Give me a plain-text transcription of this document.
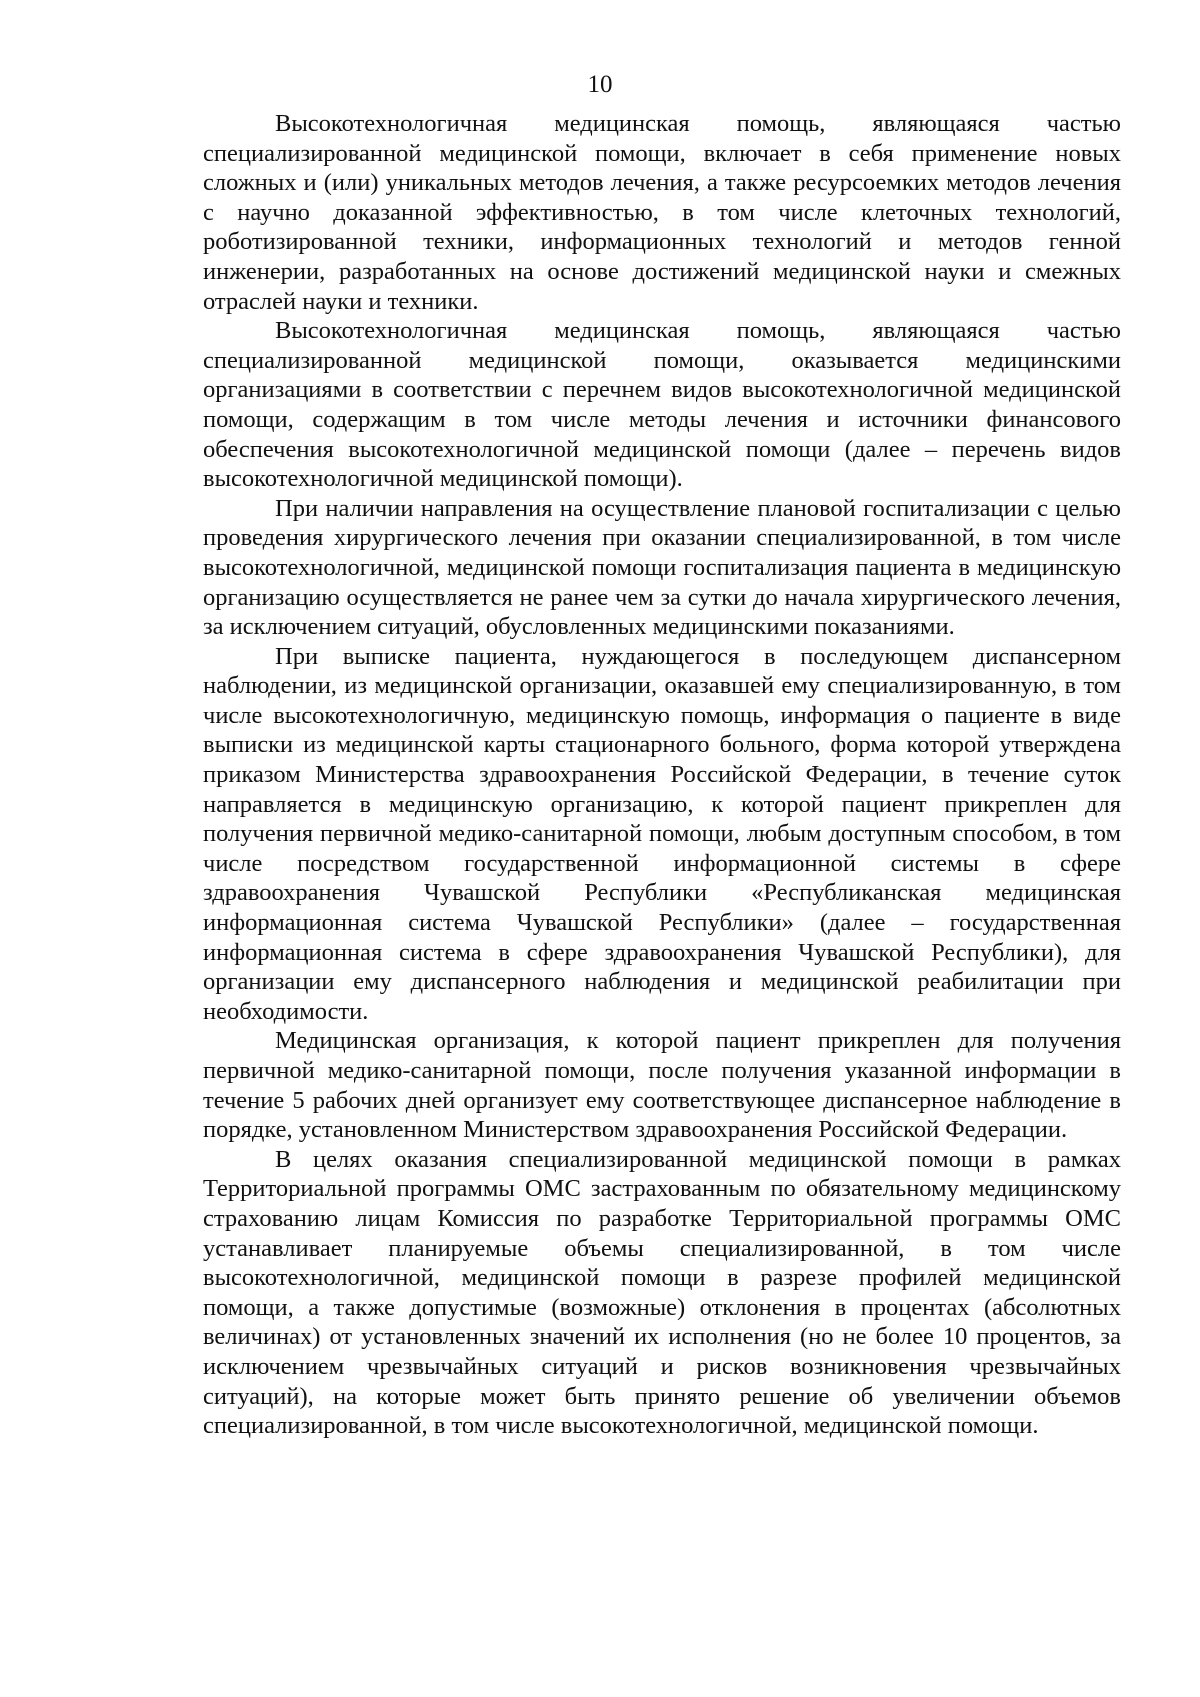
10

Высокотехнологичная медицинская помощь, являющаяся частью специализированной медицинской помощи, включает в себя применение новых сложных и (или) уникальных методов лечения, а также ресурсоемких методов лечения с научно доказанной эффективностью, в том числе клеточных технологий, роботизированной техники, информационных технологий и методов генной инженерии, разработанных на основе достижений медицинской науки и смежных отраслей науки и техники.

Высокотехнологичная медицинская помощь, являющаяся частью специализированной медицинской помощи, оказывается медицинскими организациями в соответствии с перечнем видов высокотехнологичной медицинской помощи, содержащим в том числе методы лечения и источники финансового обеспечения высокотехнологичной медицинской помощи (далее – перечень видов высокотехнологичной медицинской помощи).

При наличии направления на осуществление плановой госпитализации с целью проведения хирургического лечения при оказании специализированной, в том числе высокотехнологичной, медицинской помощи госпитализация пациента в медицинскую организацию осуществляется не ранее чем за сутки до начала хирургического лечения, за исключением ситуаций, обусловленных медицинскими показаниями.

При выписке пациента, нуждающегося в последующем диспансерном наблюдении, из медицинской организации, оказавшей ему специализированную, в том числе высокотехнологичную, медицинскую помощь, информация о пациенте в виде выписки из медицинской карты стационарного больного, форма которой утверждена приказом Министерства здравоохранения Российской Федерации, в течение суток направляется в медицинскую организацию, к которой пациент прикреплен для получения первичной медико-санитарной помощи, любым доступным способом, в том числе посредством государственной информационной системы в сфере здравоохранения Чувашской Республики «Республиканская медицинская информационная система Чувашской Республики» (далее – государственная информационная система в сфере здравоохранения Чувашской Республики), для организации ему диспансерного наблюдения и медицинской реабилитации при необходимости.

Медицинская организация, к которой пациент прикреплен для получения первичной медико-санитарной помощи, после получения указанной информации в течение 5 рабочих дней организует ему соответствующее диспансерное наблюдение в порядке, установленном Министерством здравоохранения Российской Федерации.

В целях оказания специализированной медицинской помощи в рамках Территориальной программы ОМС застрахованным по обязательному медицинскому страхованию лицам Комиссия по разработке Территориальной программы ОМС устанавливает планируемые объемы специализированной, в том числе высокотехнологичной, медицинской помощи в разрезе профилей медицинской помощи, а также допустимые (возможные) отклонения в процентах (абсолютных величинах) от установленных значений их исполнения (но не более 10 процентов, за исключением чрезвычайных ситуаций и рисков возникновения чрезвычайных ситуаций), на которые может быть принято решение об увеличении объемов специализированной, в том числе высокотехнологичной, медицинской помощи.
